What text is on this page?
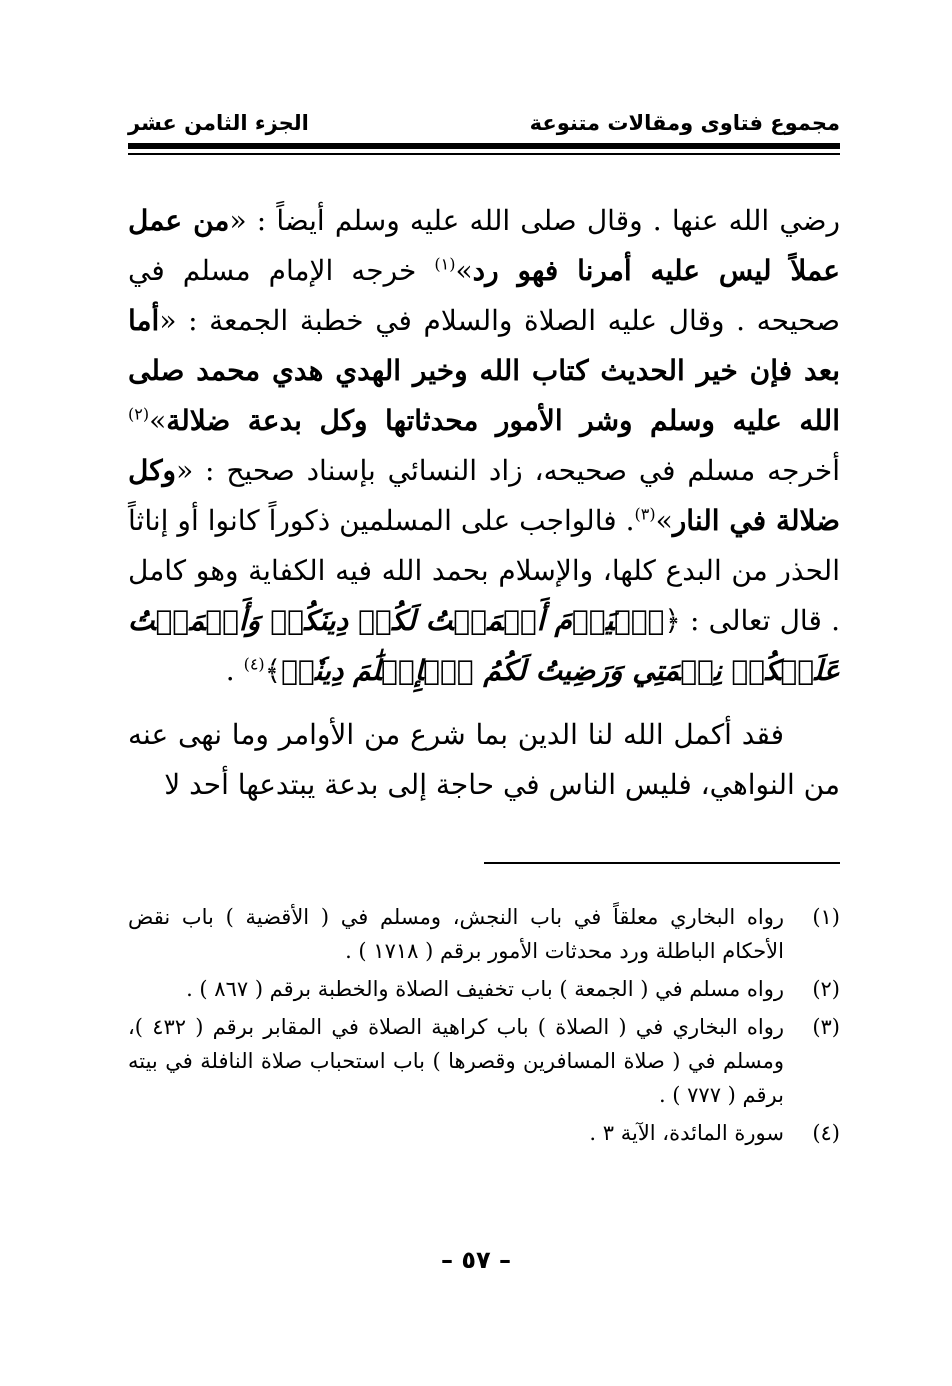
مجموع فتاوى ومقالات متنوعة
الجزء الثامن عشر

رضي الله عنها . وقال صلى الله عليه وسلم أيضاً : «من عمل عملاً ليس عليه أمرنا فهو رد»$^{(١)}$ خرجه الإمام مسلم في صحيحه . وقال عليه الصلاة والسلام في خطبة الجمعة : «أما بعد فإن خير الحديث كتاب الله وخير الهدي هدي محمد صلى الله عليه وسلم وشر الأمور محدثاتها وكل بدعة ضلالة»$^{(٢)}$ أخرجه مسلم في صحيحه، زاد النسائي بإسناد صحيح : «وكل ضلالة في النار»$^{(٣)}$. فالواجب على المسلمين ذكوراً كانوا أو إناثاً الحذر من البدع كلها، والإسلام بحمد الله فيه الكفاية وهو كامل . قال تعالى : ﴿ٱلۡيَوۡمَ أَكۡمَلۡتُ لَكُمۡ دِينَكُمۡ وَأَتۡمَمۡتُ عَلَيۡكُمۡ نِعۡمَتِي وَرَضِيتُ لَكُمُ ٱلۡإِسۡلَٰمَ دِينٗاۚ﴾$^{(٤)}$ .

فقد أكمل الله لنا الدين بما شرع من الأوامر وما نهى عنه من النواهي، فليس الناس في حاجة إلى بدعة يبتدعها أحد لا

(١)
رواه البخاري معلقاً في باب النجش، ومسلم في ( الأقضية ) باب نقض الأحكام الباطلة ورد محدثات الأمور برقم ( ١٧١٨ ) .
(٢)
رواه مسلم في ( الجمعة ) باب تخفيف الصلاة والخطبة برقم ( ٨٦٧ ) .
(٣)
رواه البخاري في ( الصلاة ) باب كراهية الصلاة في المقابر برقم ( ٤٣٢ )، ومسلم في ( صلاة المسافرين وقصرها ) باب استحباب صلاة النافلة في بيته برقم ( ٧٧٧ ) .
(٤)
سورة المائدة، الآية ٣ .
– ٥٧ –
